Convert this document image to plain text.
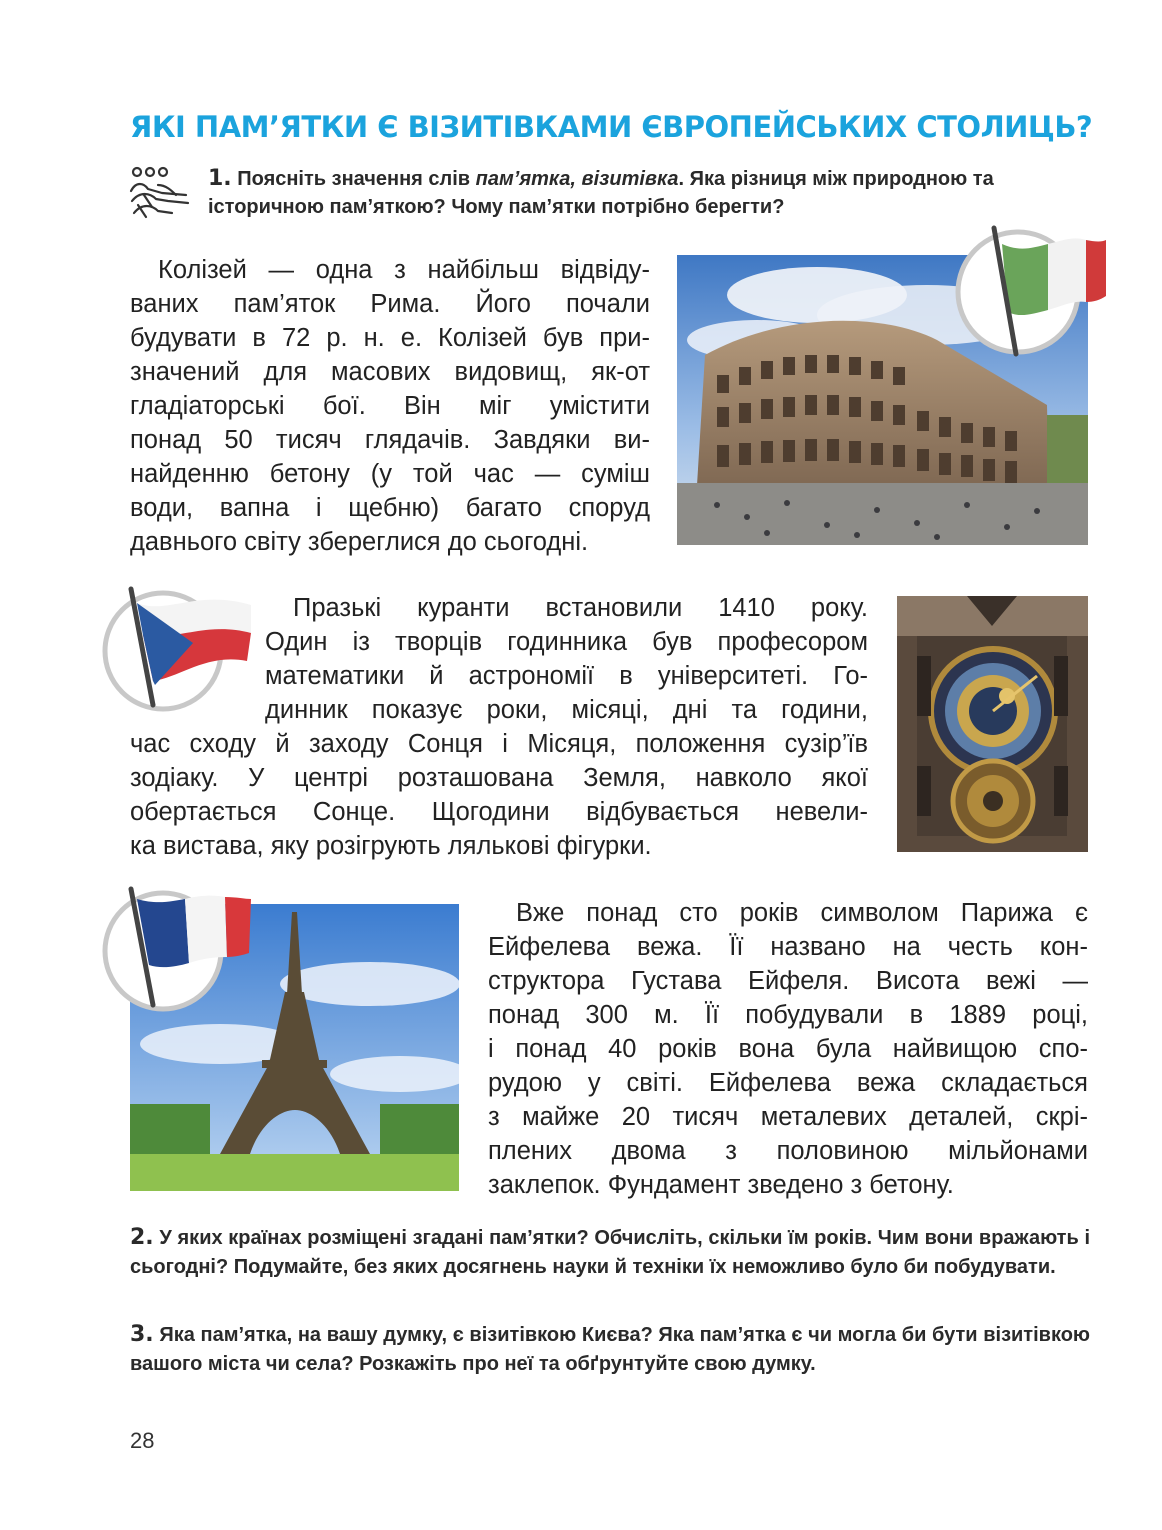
ЯКІ ПАМ’ЯТКИ Є ВІЗИТІВКАМИ ЄВРОПЕЙСЬКИХ СТОЛИЦЬ?

1. Поясніть значення слів пам’ятка, візитівка. Яка різниця між природною та історичною пам’яткою? Чому пам’ятки потрібно берегти?

Колізей — одна з найбільш відвіду-
ваних пам’яток Рима. Його почали
будувати в 72 р. н. е. Колізей був при-
значений для масових видовищ, як-от
гладіаторські бої. Він міг умістити
понад 50 тисяч глядачів. Завдяки ви-
найденню бетону (у той час — суміш
води, вапна і щебню) багато споруд
давнього світу збереглися до сьогодні.
Празькі куранти встановили 1410 року.
Один із творців годинника був професором
математики й астрономії в університеті. Го-
динник показує роки, місяці, дні та години,
час сходу й заходу Сонця і Місяця, положення сузір’їв
зодіаку. У центрі розташована Земля, навколо якої
обертається Сонце. Щогодини відбувається невели-
ка вистава, яку розігрують лялькові фігурки.
Вже понад сто років символом Парижа є
Ейфелева вежа. Її названо на честь кон-
структора Густава Ейфеля. Висота вежі —
понад 300 м. Її побудували в 1889 році,
і понад 40 років вона була найвищою спо-
рудою у світі. Ейфелева вежа складається
з майже 20 тисяч металевих деталей, скрі-
плених двома з половиною мільйонами
заклепок. Фундамент зведено з бетону.

2. У яких країнах розміщені згадані пам’ятки? Обчисліть, скільки їм років. Чим вони вражають і сьогодні? Подумайте, без яких досягнень науки й техніки їх неможливо було би побудувати.

3. Яка пам’ятка, на вашу думку, є візитівкою Києва? Яка пам’ятка є чи могла би бути візитівкою вашого міста чи села? Розкажіть про неї та обґрунтуйте свою думку.

28
